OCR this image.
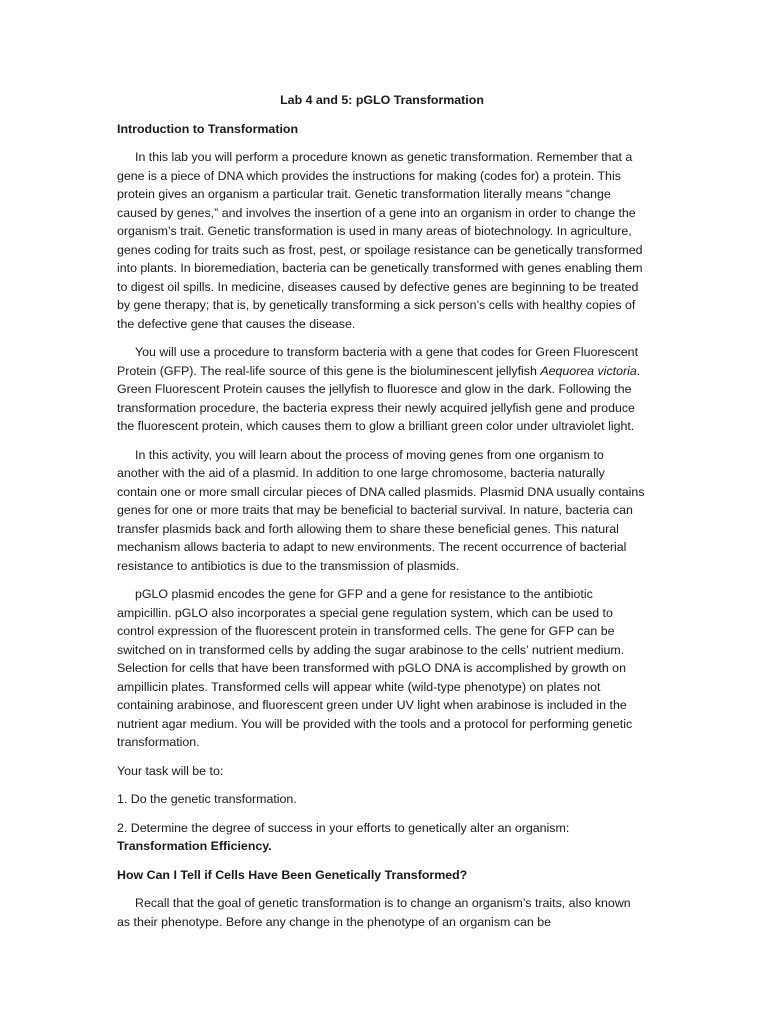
Lab 4 and 5: pGLO Transformation
Introduction to Transformation

In this lab you will perform a procedure known as genetic transformation. Remember that a gene is a piece of DNA which provides the instructions for making (codes for) a protein. This protein gives an organism a particular trait. Genetic transformation literally means “change caused by genes,” and involves the insertion of a gene into an organism in order to change the organism’s trait. Genetic transformation is used in many areas of biotechnology. In agriculture, genes coding for traits such as frost, pest, or spoilage resistance can be genetically transformed into plants. In bioremediation, bacteria can be genetically transformed with genes enabling them to digest oil spills. In medicine, diseases caused by defective genes are beginning to be treated by gene therapy; that is, by genetically transforming a sick person’s cells with healthy copies of the defective gene that causes the disease.

You will use a procedure to transform bacteria with a gene that codes for Green Fluorescent Protein (GFP). The real-life source of this gene is the bioluminescent jellyfish Aequorea victoria. Green Fluorescent Protein causes the jellyfish to fluoresce and glow in the dark. Following the transformation procedure, the bacteria express their newly acquired jellyfish gene and produce the fluorescent protein, which causes them to glow a brilliant green color under ultraviolet light.

In this activity, you will learn about the process of moving genes from one organism to another with the aid of a plasmid. In addition to one large chromosome, bacteria naturally contain one or more small circular pieces of DNA called plasmids. Plasmid DNA usually contains genes for one or more traits that may be beneficial to bacterial survival. In nature, bacteria can transfer plasmids back and forth allowing them to share these beneficial genes. This natural mechanism allows bacteria to adapt to new environments. The recent occurrence of bacterial resistance to antibiotics is due to the transmission of plasmids.

pGLO plasmid encodes the gene for GFP and a gene for resistance to the antibiotic ampicillin. pGLO also incorporates a special gene regulation system, which can be used to control expression of the fluorescent protein in transformed cells. The gene for GFP can be switched on in transformed cells by adding the sugar arabinose to the cells’ nutrient medium. Selection for cells that have been transformed with pGLO DNA is accomplished by growth on ampillicin plates. Transformed cells will appear white (wild-type phenotype) on plates not containing arabinose, and fluorescent green under UV light when arabinose is included in the nutrient agar medium. You will be provided with the tools and a protocol for performing genetic transformation.

Your task will be to:

1. Do the genetic transformation.

2. Determine the degree of success in your efforts to genetically alter an organism: Transformation Efficiency.

How Can I Tell if Cells Have Been Genetically Transformed?

Recall that the goal of genetic transformation is to change an organism’s traits, also known as their phenotype. Before any change in the phenotype of an organism can be
